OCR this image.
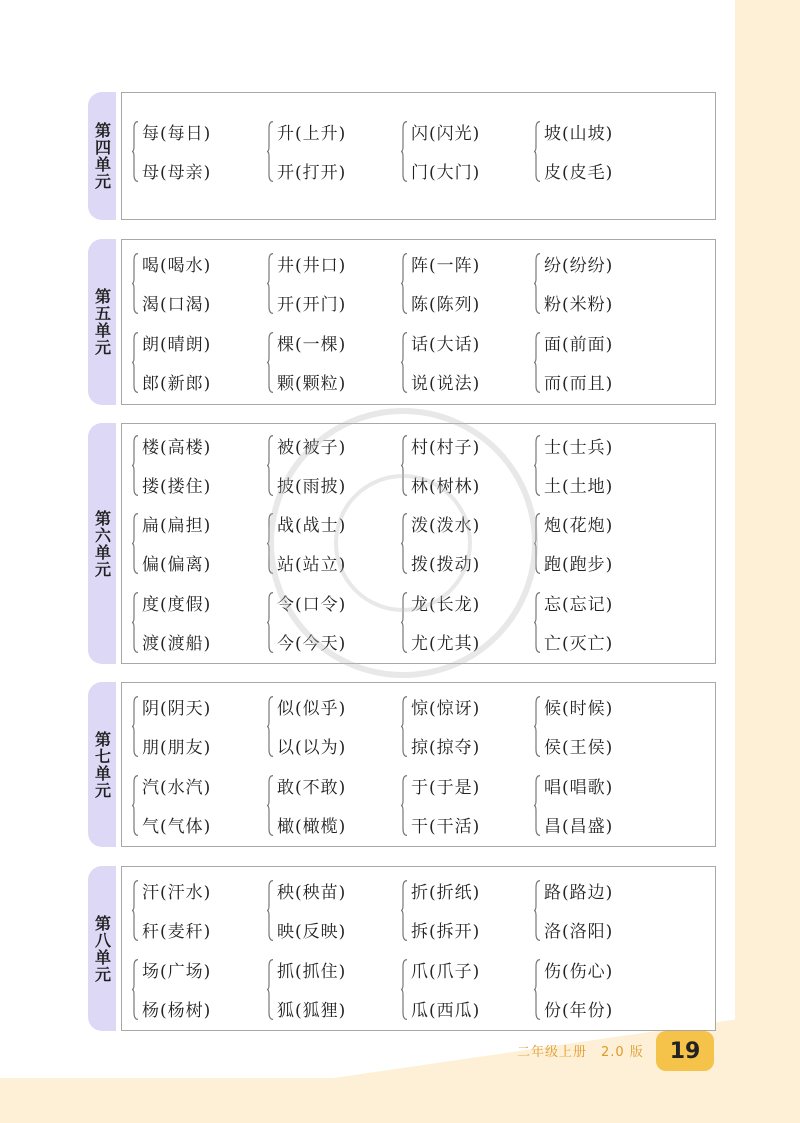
第四单元 每(每日)
母(母亲)
升(上升)
开(打开)
闪(闪光)
门(大门)
坡(山坡)
皮(皮毛)
第五单元
喝(喝水)
渴(口渴)
井(井口)
开(开门)
阵(一阵)
陈(陈列)
纷(纷纷)
粉(米粉)
朗(晴朗)
郎(新郎)
棵(一棵)
颗(颗粒)
话(大话)
说(说法)
面(前面)
而(而且)
第六单元
楼(高楼)
搂(搂住)
被(被子)
披(雨披)
村(村子)
林(树林)
士(士兵)
土(土地)
扁(扁担)
偏(偏离)
战(战士)
站(站立)
泼(泼水)
拨(拨动)
炮(花炮)
跑(跑步)
度(度假)
渡(渡船)
令(口令)
今(今天)
龙(长龙)
尤(尤其)
忘(忘记)
亡(灭亡)
第七单元
阴(阴天)
朋(朋友)
似(似乎)
以(以为)
惊(惊讶)
掠(掠夺)
候(时候)
侯(王侯)
汽(水汽)
气(气体)
敢(不敢)
橄(橄榄)
于(于是)
干(干活)
唱(唱歌)
昌(昌盛)
第八单元
汗(汗水)
秆(麦秆)
秧(秧苗)
映(反映)
折(折纸)
拆(拆开)
路(路边)
洛(洛阳)
场(广场)
杨(杨树)
抓(抓住)
狐(狐狸)
爪(爪子)
瓜(西瓜)
伤(伤心)
份(年份)
二年级上册　2.0 版	19
